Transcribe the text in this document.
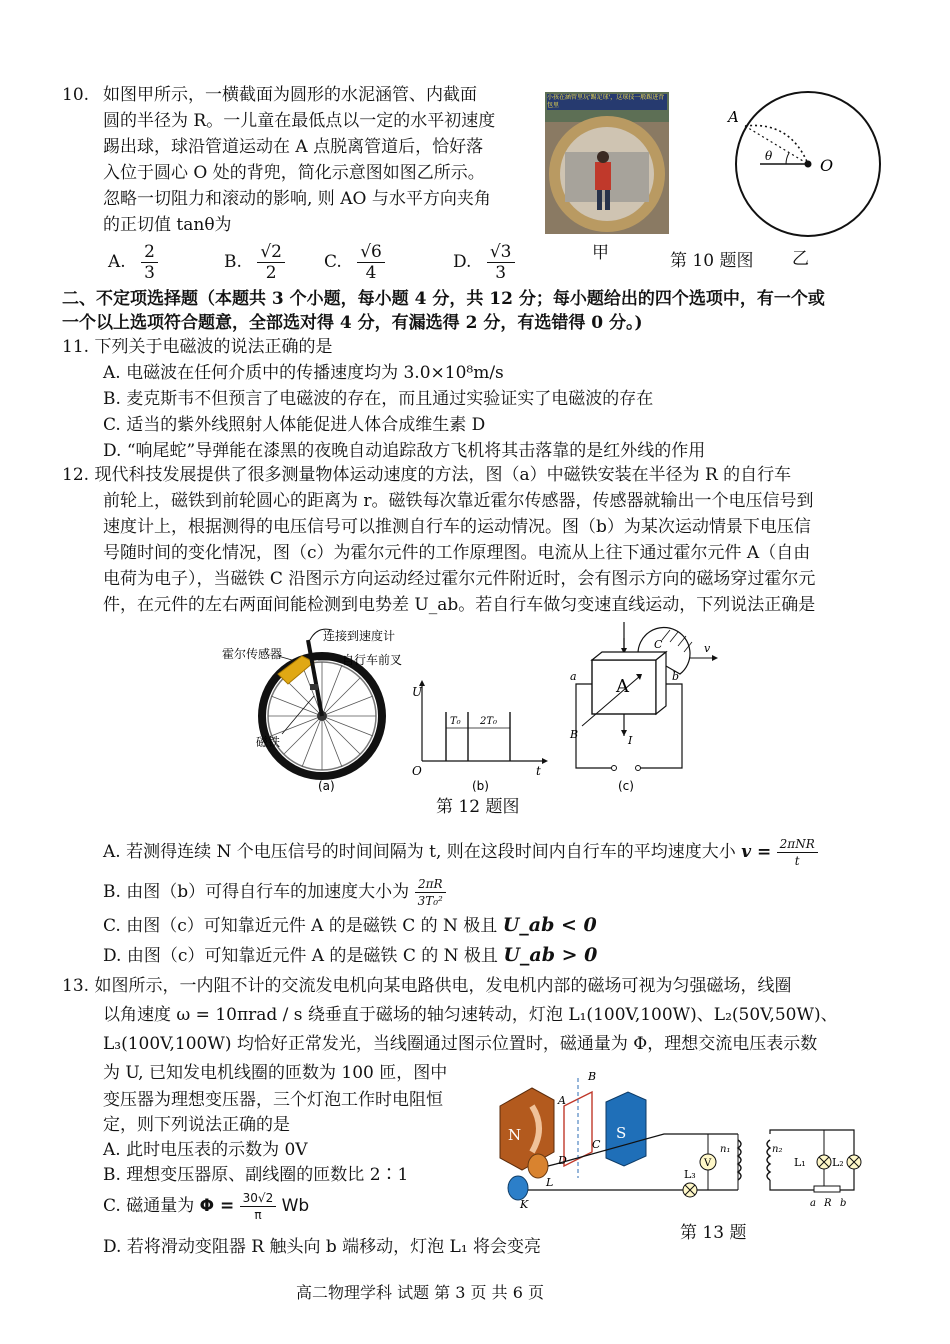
10. 如图甲所示，一横截面为圆形的水泥涵管、内截面
圆的半径为 R。一儿童在最低点以一定的水平初速度
踢出球，球沿管道运动在 A 点脱离管道后，恰好落
入位于圆心 O 处的背兜，简化示意图如图乙所示。
忽略一切阻力和滚动的影响, 则 AO 与水平方向夹角
的正切值 tanθ为
A. $\frac{2}{3}$	B. $\frac{√2}{2} C$. $\frac{√6}{4}$	D. $\frac{√3}{3}$
小孩在涵管里玩'踢足球'，这球技一般踢进背包里
甲
A
O
θ
第 10 题图 乙
二、不定项选择题（本题共 3 个小题，每小题 4 分，共 12 分；每小题给出的四个选项中，有一个或
一个以上选项符合题意，全部选对得 4 分，有漏选得 2 分，有选错得 0 分。)
11. 下列关于电磁波的说法正确的是
A. 电磁波在任何介质中的传播速度均为 3.0×10⁸m/s
B. 麦克斯韦不但预言了电磁波的存在，而且通过实验证实了电磁波的存在
C. 适当的紫外线照射人体能促进人体合成维生素 D
D. “响尾蛇”导弹能在漆黑的夜晚自动追踪敌方飞机将其击落靠的是红外线的作用
12. 现代科技发展提供了很多测量物体运动速度的方法，图（a）中磁铁安装在半径为 R 的自行车
前轮上，磁铁到前轮圆心的距离为 r。磁铁每次靠近霍尔传感器，传感器就输出一个电压信号到
速度计上，根据测得的电压信号可以推测自行车的运动情况。图（b）为某次运动情景下电压信
号随时间的变化情况，图（c）为霍尔元件的工作原理图。电流从上往下通过霍尔元件 A（自由
电荷为电子），当磁铁 C 沿图示方向运动经过霍尔元件附近时，会有图示方向的磁场穿过霍尔元
件，在元件的左右两面间能检测到电势差 U_ab。若自行车做匀变速直线运动，下列说法正确是
霍尔传感器
连接到速度计
自行车前叉
磁铁
(a)
U
O	t
T₀ 2T₀
(b)
a	b
A
B
C
I
v
(c)
第 12 题图
A. 若测得连续 N 个电压信号的时间间隔为 t, 则在这段时间内自行车的平均速度大小 $v = \frac{\text{2πNR}}{t}$
B. 由图（b）可得自行车的加速度大小为 $\frac{2\pi R}{\text{3T₀²}}$
C. 由图（c）可知靠近元件 A 的是磁铁 C 的 N 极且 U_ab < 0
D. 由图（c）可知靠近元件 A 的是磁铁 C 的 N 极且 U_ab > 0
13. 如图所示，一内阻不计的交流发电机向某电路供电，发电机内部的磁场可视为匀强磁场，线圈
以角速度 ω = 10πrad / s 绕垂直于磁场的轴匀速转动，灯泡 L₁(100V,100W)、L₂(50V,50W)、
L₃(100V,100W) 均恰好正常发光，当线圈通过图示位置时，磁通量为 Φ，理想交流电压表示数
为 U, 已知发电机线圈的匝数为 100 匝，图中
变压器为理想变压器，三个灯泡工作时电阻恒
定，则下列说法正确的是
A. 此时电压表的示数为 0V
B. 理想变压器原、副线圈的匝数比 2∶1
C. 磁通量为 $\Phi = \frac{30√2}{\pi}$ Wb
D. 若将滑动变阻器 R 触头向 b 端移动，灯泡 L₁ 将会变亮
N	S
A
B
C
D
L
K
V
L₃
n₁	n₂
L₁ L₂
a R b
第 13 题
高二物理学科 试题 第 3 页 共 6 页
